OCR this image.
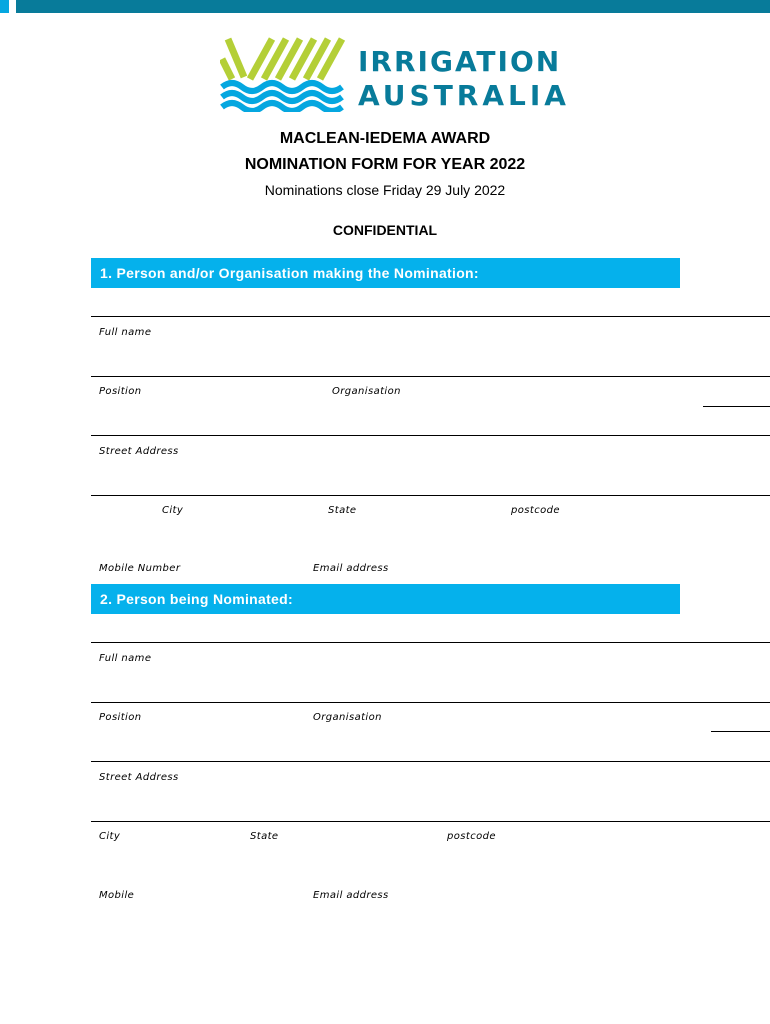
IRRIGATION
AUSTRALIA
MACLEAN-IEDEMA AWARD
NOMINATION FORM FOR YEAR 2022
Nominations close Friday 29 July 2022
CONFIDENTIAL
1. Person and/or Organisation making the Nomination:
Full name
Position	Organisation
Street Address
City	State	postcode
Mobile Number	Email address
2. Person being Nominated:
Full name
Position	Organisation
Street Address
City	State	postcode
Mobile	Email address
